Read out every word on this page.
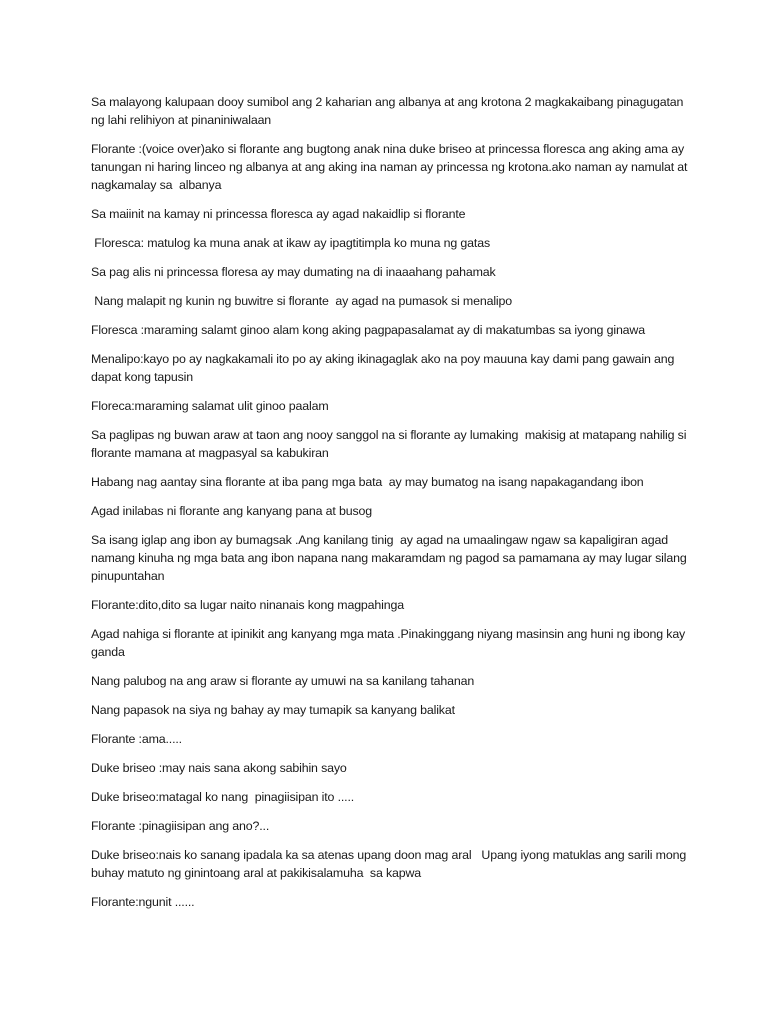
Sa malayong kalupaan dooy sumibol ang 2 kaharian ang albanya at ang krotona 2 magkakaibang pinagugatan ng lahi relihiyon at pinaniniwalaan

Florante :(voice over)ako si florante ang bugtong anak nina duke briseo at princessa floresca ang aking ama ay tanungan ni haring linceo ng albanya at ang aking ina naman ay princessa ng krotona.ako naman ay namulat at nagkamalay sa  albanya

Sa maiinit na kamay ni princessa floresca ay agad nakaidlip si florante

Floresca: matulog ka muna anak at ikaw ay ipagtitimpla ko muna ng gatas

Sa pag alis ni princessa floresa ay may dumating na di inaaahang pahamak

Nang malapit ng kunin ng buwitre si florante  ay agad na pumasok si menalipo

Floresca :maraming salamt ginoo alam kong aking pagpapasalamat ay di makatumbas sa iyong ginawa

Menalipo:kayo po ay nagkakamali ito po ay aking ikinagaglak ako na poy mauuna kay dami pang gawain ang dapat kong tapusin

Floreca:maraming salamat ulit ginoo paalam

Sa paglipas ng buwan araw at taon ang nooy sanggol na si florante ay lumaking  makisig at matapang nahilig si florante mamana at magpasyal sa kabukiran

Habang nag aantay sina florante at iba pang mga bata  ay may bumatog na isang napakagandang ibon

Agad inilabas ni florante ang kanyang pana at busog

Sa isang iglap ang ibon ay bumagsak .Ang kanilang tinig  ay agad na umaalingaw ngaw sa kapaligiran agad namang kinuha ng mga bata ang ibon napana nang makaramdam ng pagod sa pamamana ay may lugar silang pinupuntahan

Florante:dito,dito sa lugar naito ninanais kong magpahinga

Agad nahiga si florante at ipinikit ang kanyang mga mata .Pinakinggang niyang masinsin ang huni ng ibong kay ganda

Nang palubog na ang araw si florante ay umuwi na sa kanilang tahanan

Nang papasok na siya ng bahay ay may tumapik sa kanyang balikat

Florante :ama.....

Duke briseo :may nais sana akong sabihin sayo

Duke briseo:matagal ko nang  pinagiisipan ito .....

Florante :pinagiisipan ang ano?...

Duke briseo:nais ko sanang ipadala ka sa atenas upang doon mag aral   Upang iyong matuklas ang sarili mong buhay matuto ng ginintoang aral at pakikisalamuha  sa kapwa

Florante:ngunit ......
